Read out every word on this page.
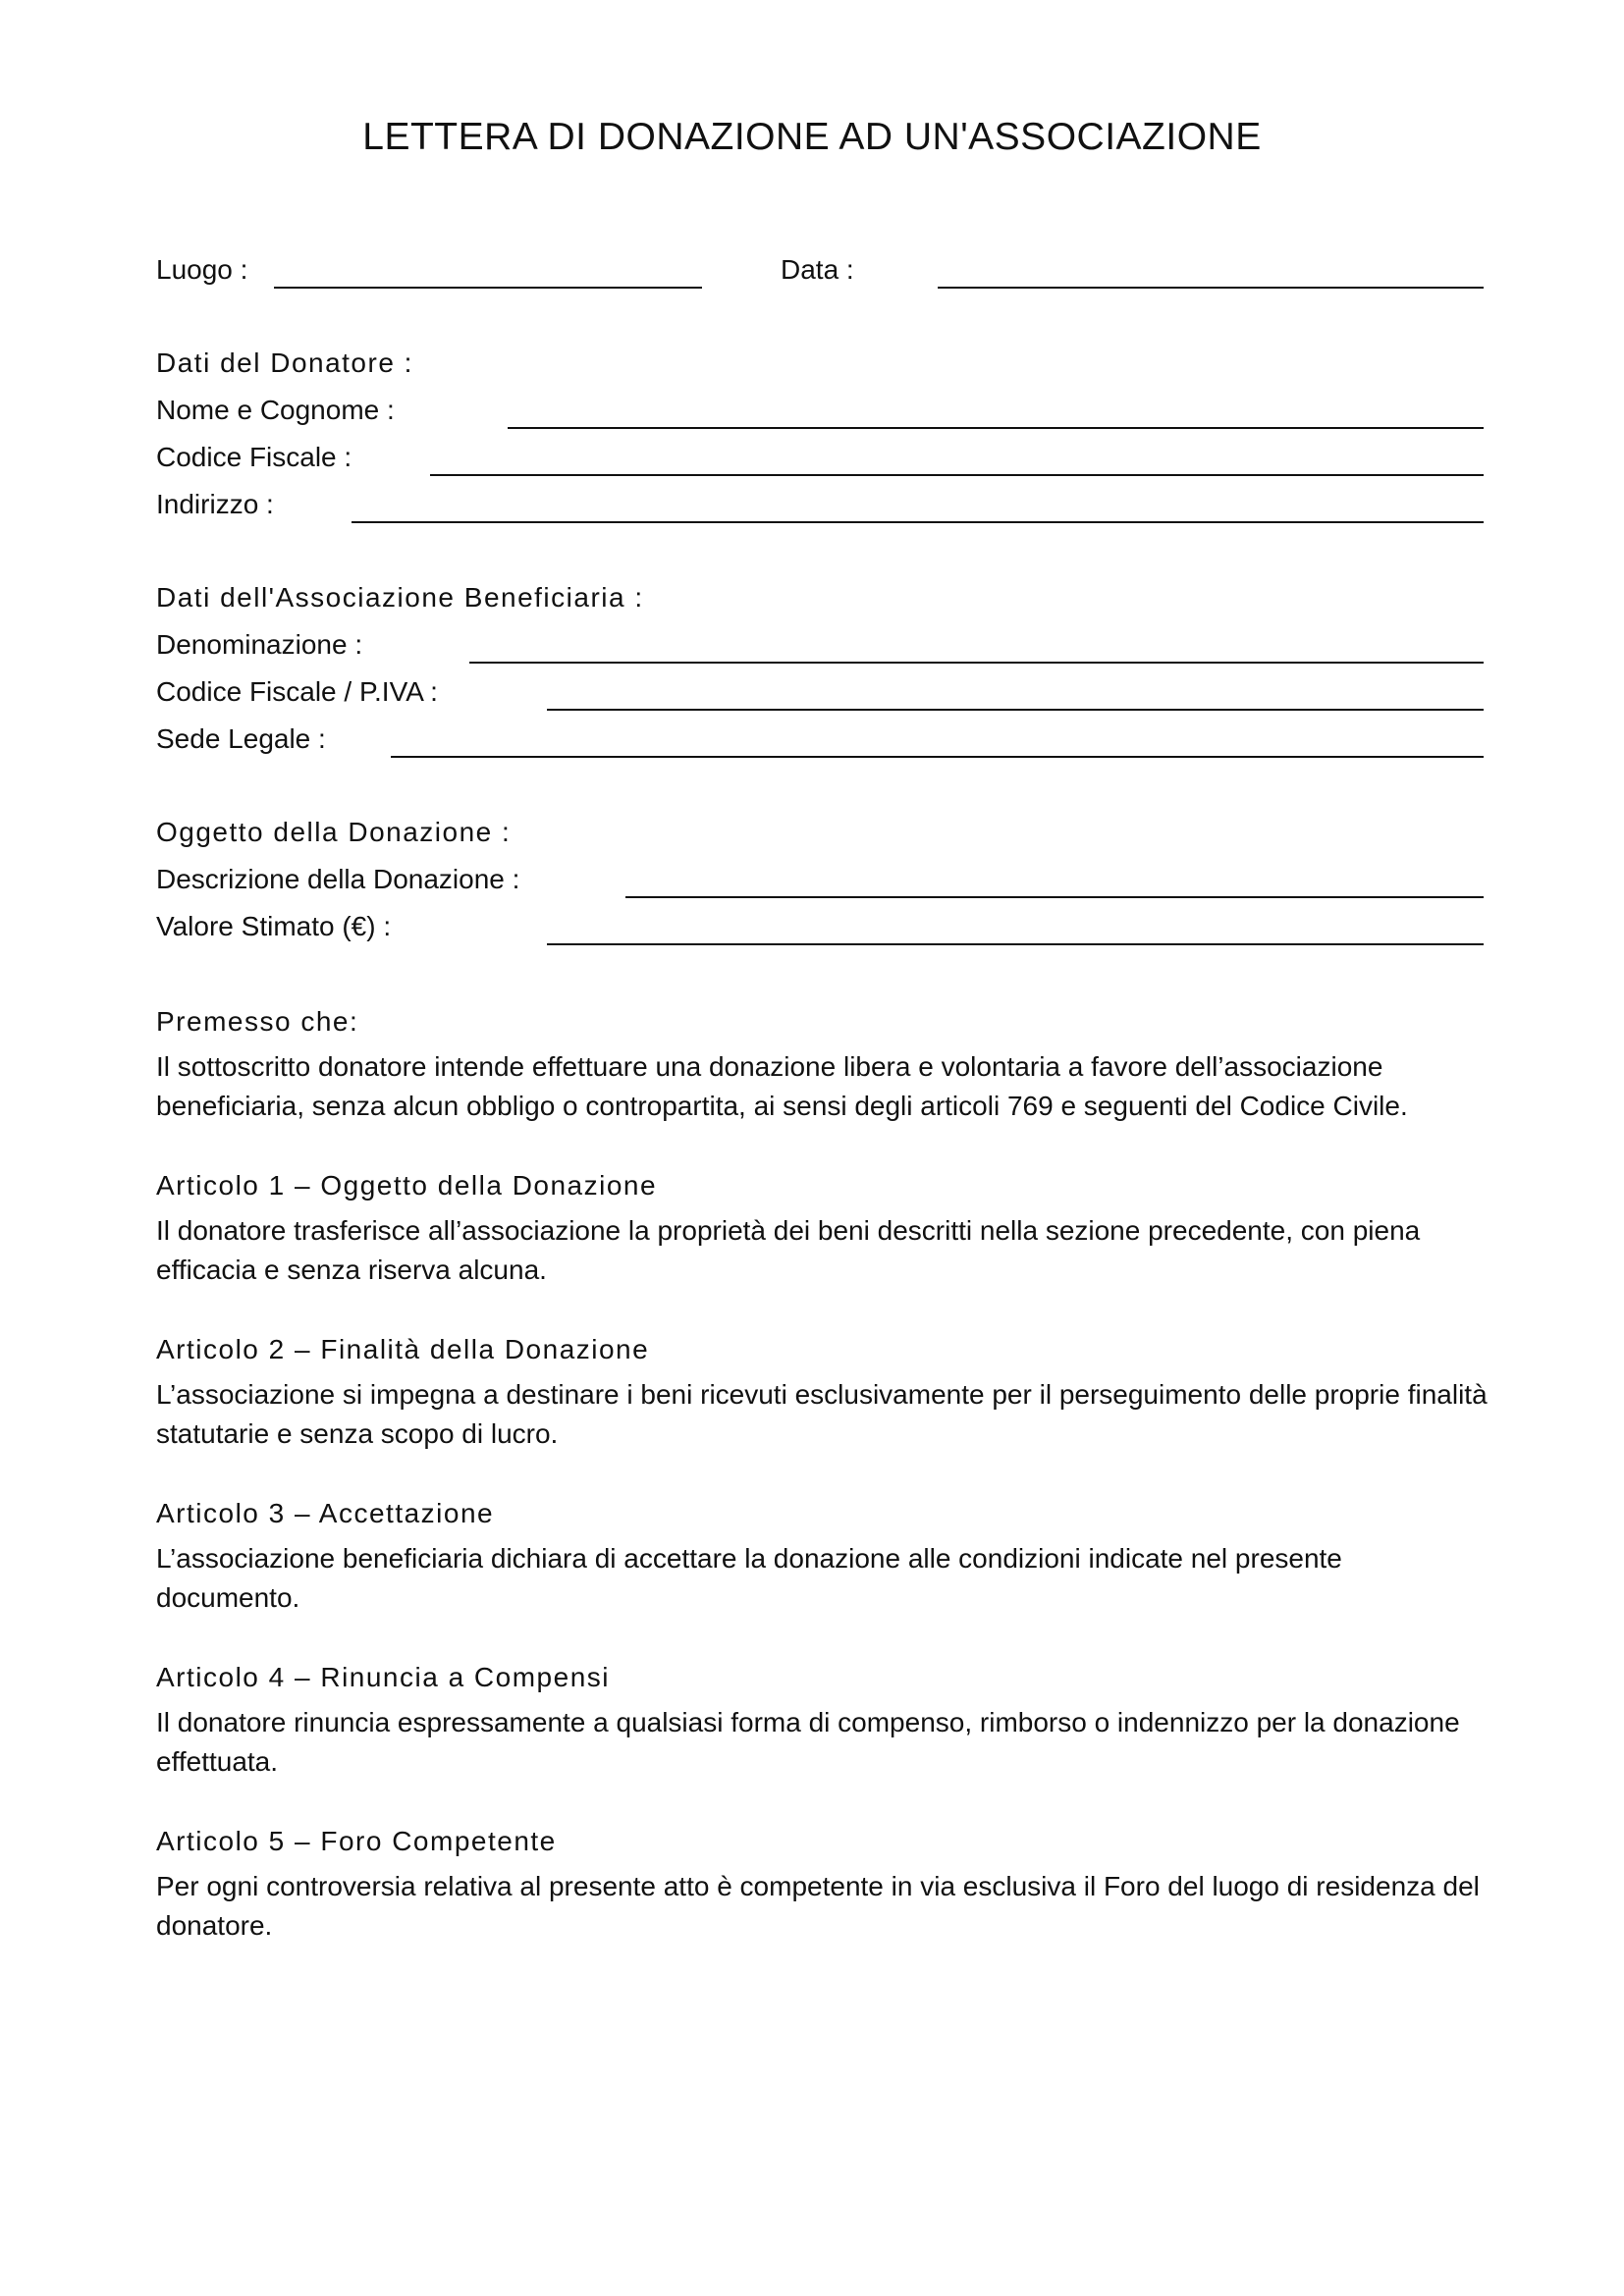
LETTERA DI DONAZIONE AD UN'ASSOCIAZIONE
Luogo :	Data :
Dati del Donatore :
Nome e Cognome :
Codice Fiscale :
Indirizzo :
Dati dell'Associazione Beneficiaria :
Denominazione :
Codice Fiscale / P.IVA :
Sede Legale :
Oggetto della Donazione :
Descrizione della Donazione :
Valore Stimato (€) :
Premesso che:
Il sottoscritto donatore intende effettuare una donazione libera e volontaria a favore dell’associazione beneficiaria, senza alcun obbligo o contropartita, ai sensi degli articoli 769 e seguenti del Codice Civile.
Articolo 1 – Oggetto della Donazione
Il donatore trasferisce all’associazione la proprietà dei beni descritti nella sezione precedente, con piena efficacia e senza riserva alcuna.
Articolo 2 – Finalità della Donazione
L’associazione si impegna a destinare i beni ricevuti esclusivamente per il perseguimento delle proprie finalità statutarie e senza scopo di lucro.
Articolo 3 – Accettazione
L’associazione beneficiaria dichiara di accettare la donazione alle condizioni indicate nel presente documento.
Articolo 4 – Rinuncia a Compensi
Il donatore rinuncia espressamente a qualsiasi forma di compenso, rimborso o indennizzo per la donazione effettuata.
Articolo 5 – Foro Competente
Per ogni controversia relativa al presente atto è competente in via esclusiva il Foro del luogo di residenza del donatore.
